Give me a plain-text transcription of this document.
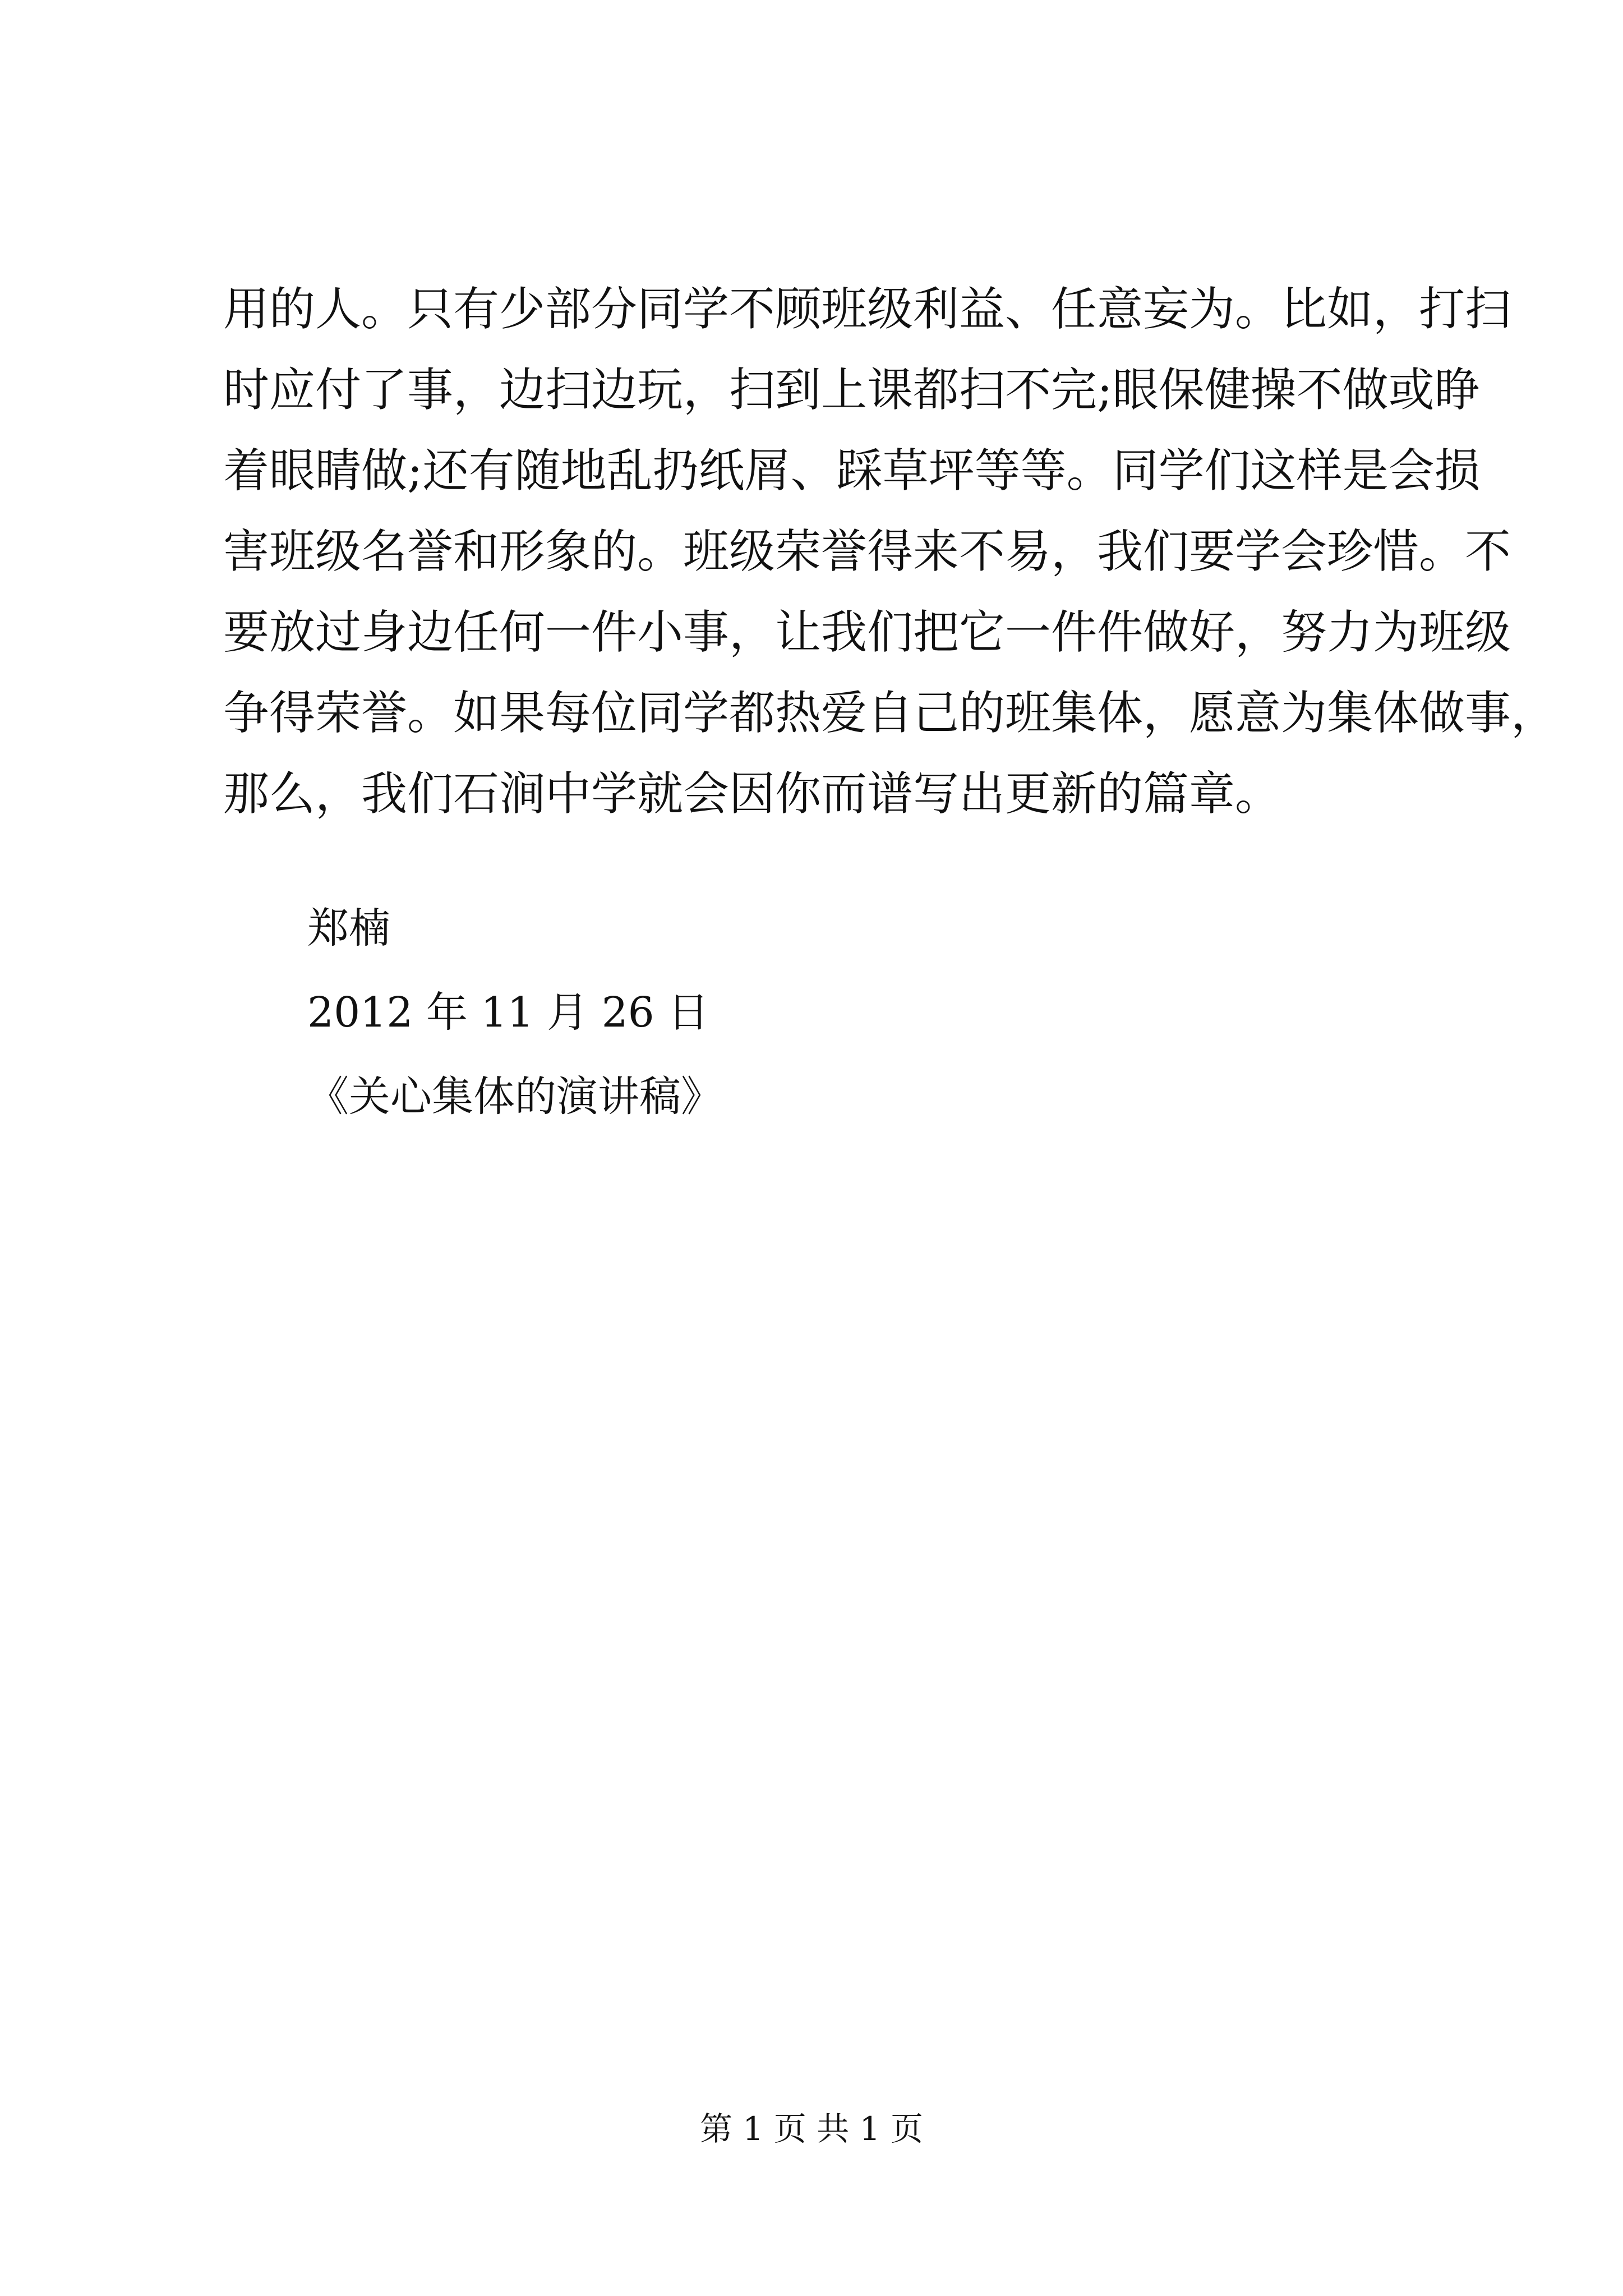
用的人。只有少部分同学不顾班级利益、任意妄为。比如，打扫
时应付了事，边扫边玩，扫到上课都扫不完;眼保健操不做或睁
着眼睛做;还有随地乱扔纸屑、踩草坪等等。同学们这样是会损
害班级名誉和形象的。班级荣誉得来不易，我们要学会珍惜。不
要放过身边任何一件小事，让我们把它一件件做好，努力为班级
争得荣誉。如果每位同学都热爱自己的班集体，愿意为集体做事，
那么，我们石涧中学就会因你而谱写出更新的篇章。
郑楠
2012 年 11 月 26 日
《关心集体的演讲稿》
第 1 页 共 1 页
